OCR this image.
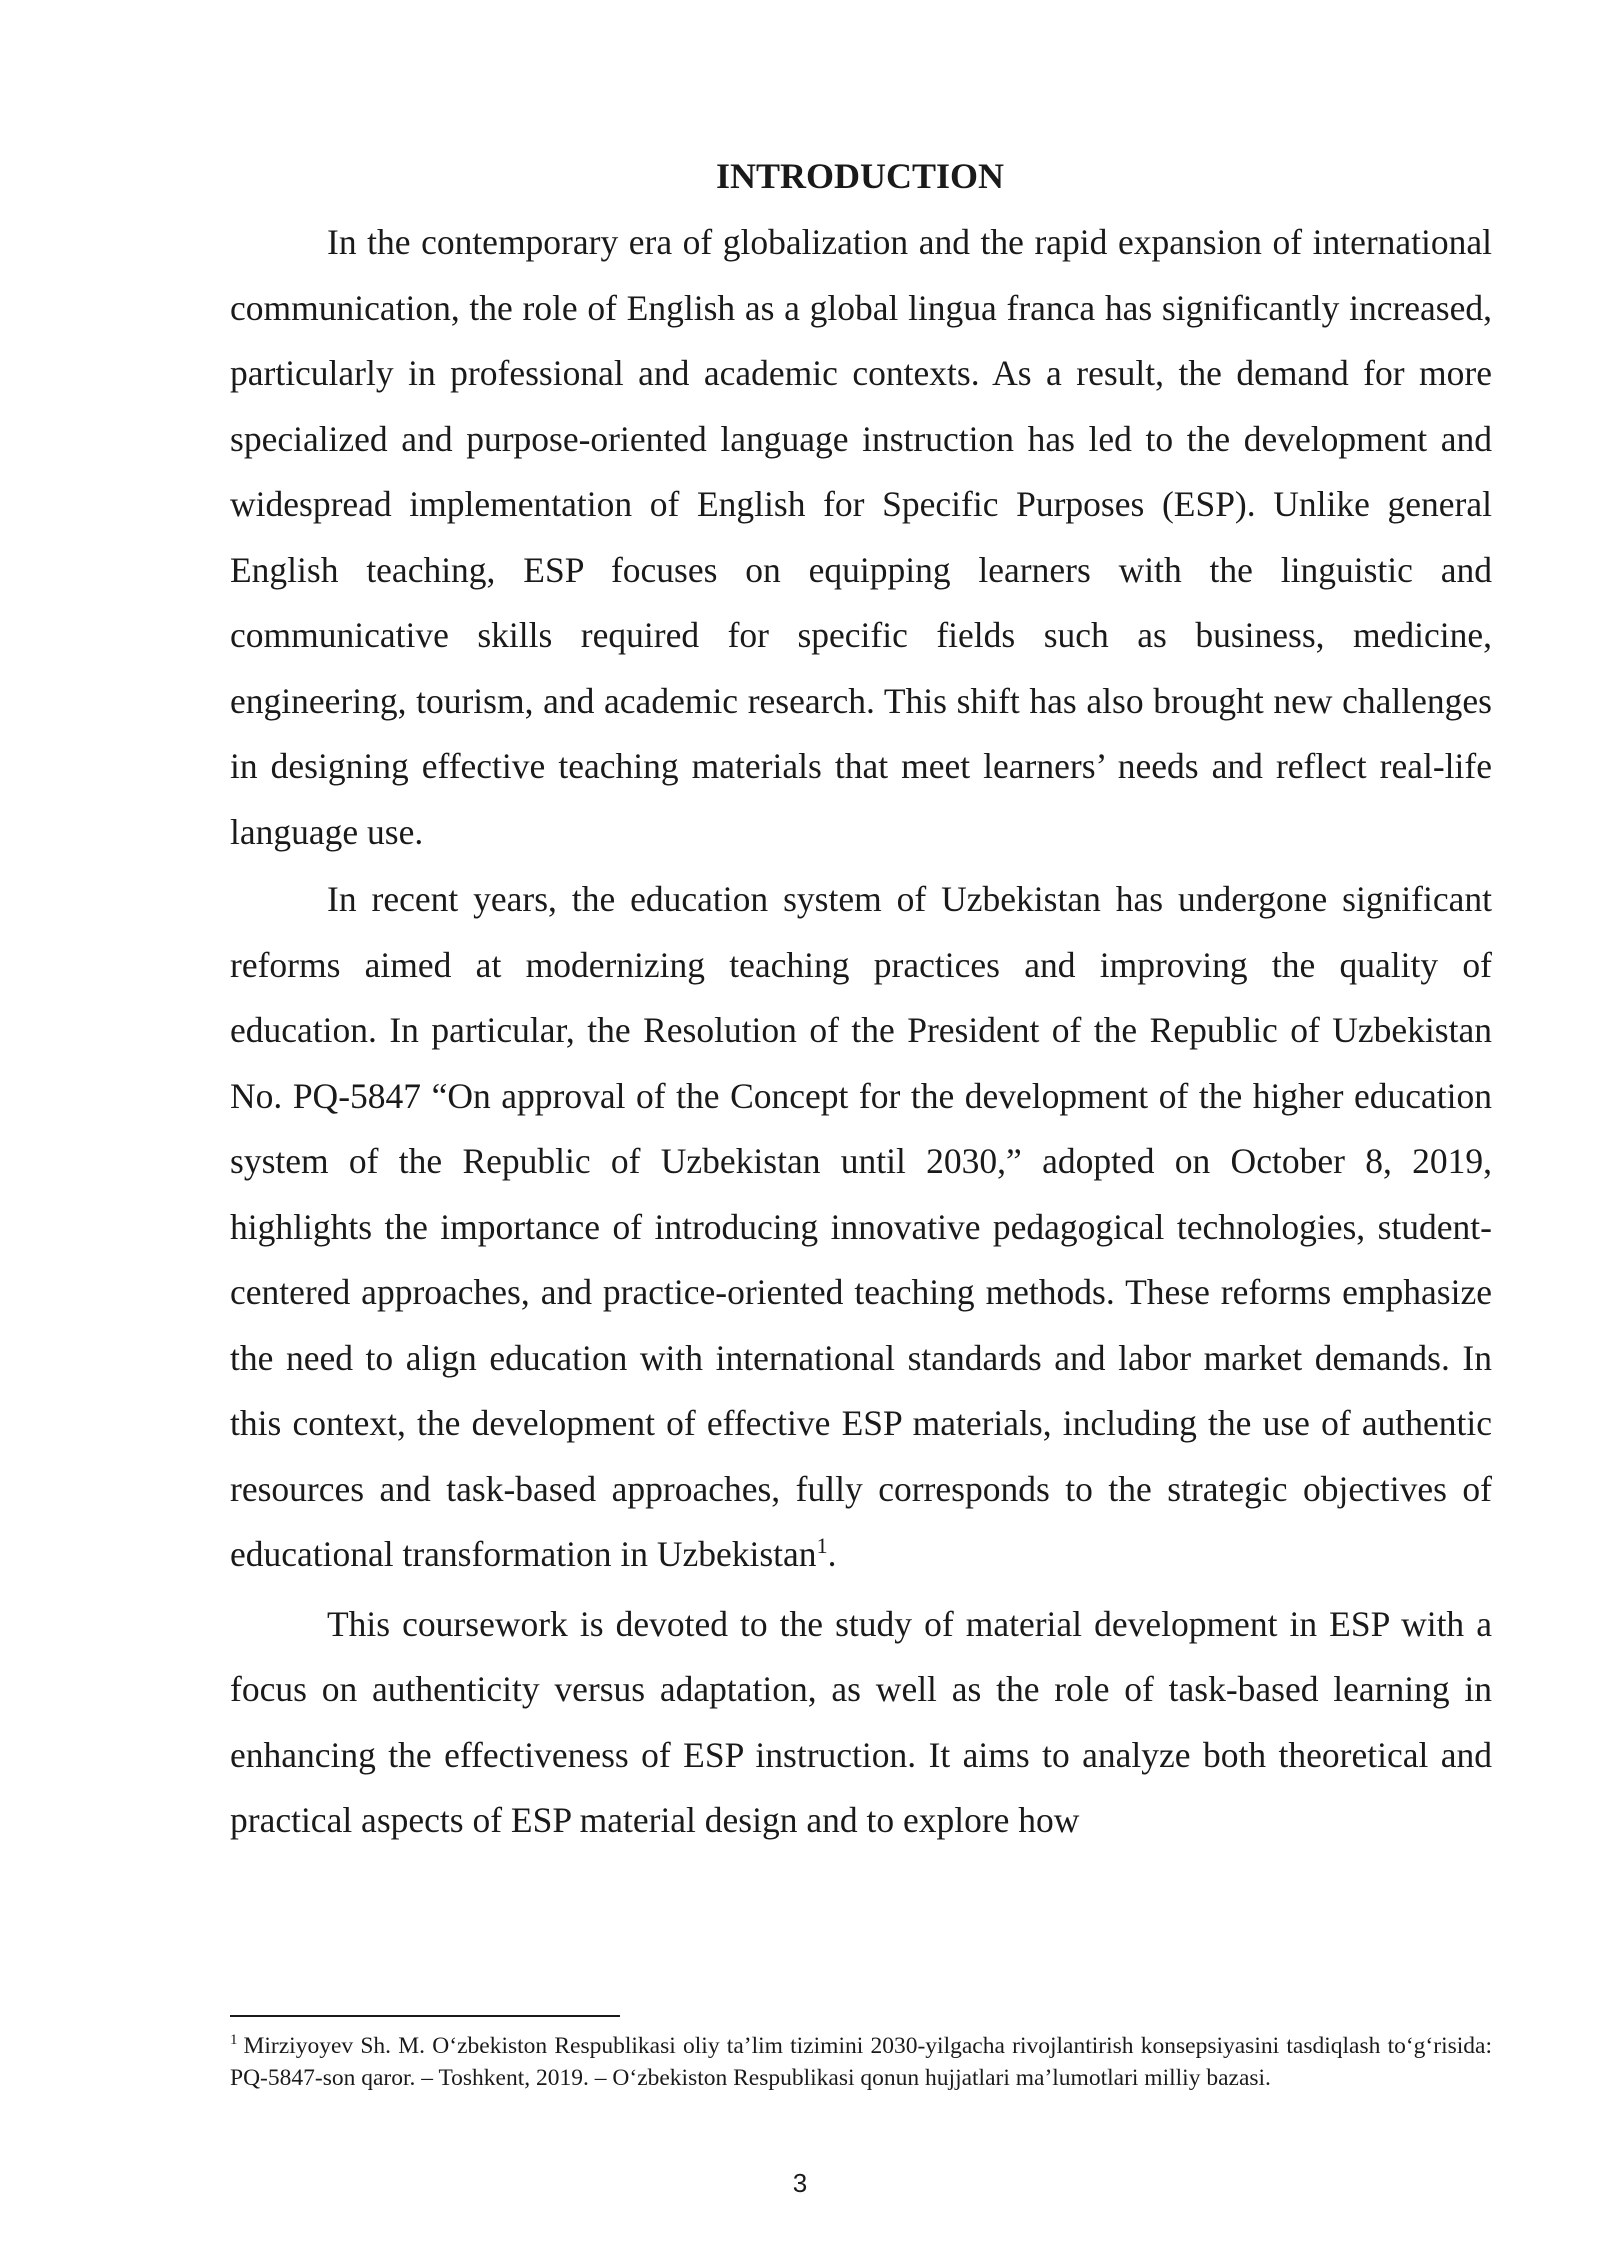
INTRODUCTION

In the contemporary era of globalization and the rapid expansion of international communication, the role of English as a global lingua franca has significantly increased, particularly in professional and academic contexts. As a result, the demand for more specialized and purpose-oriented language instruction has led to the development and widespread implementation of English for Specific Purposes (ESP). Unlike general English teaching, ESP focuses on equipping learners with the linguistic and communicative skills required for specific fields such as business, medicine, engineering, tourism, and academic research. This shift has also brought new challenges in designing effective teaching materials that meet learners’ needs and reflect real-life language use.

In recent years, the education system of Uzbekistan has undergone significant reforms aimed at modernizing teaching practices and improving the quality of education. In particular, the Resolution of the President of the Republic of Uzbekistan No. PQ-5847 “On approval of the Concept for the development of the higher education system of the Republic of Uzbekistan until 2030,” adopted on October 8, 2019, highlights the importance of introducing innovative pedagogical technologies, student-centered approaches, and practice-oriented teaching methods. These reforms emphasize the need to align education with international standards and labor market demands. In this context, the development of effective ESP materials, including the use of authentic resources and task-based approaches, fully corresponds to the strategic objectives of educational transformation in Uzbekistan$^1$.

This coursework is devoted to the study of material development in ESP with a focus on authenticity versus adaptation, as well as the role of task-based learning in enhancing the effectiveness of ESP instruction. It aims to analyze both theoretical and practical aspects of ESP material design and to explore how

$^1$ Mirziyoyev Sh. M. O‘zbekiston Respublikasi oliy ta’lim tizimini 2030-yilgacha rivojlantirish konsepsiyasini tasdiqlash to‘g‘risida: PQ-5847-son qaror. – Toshkent, 2019. – O‘zbekiston Respublikasi qonun hujjatlari ma’lumotlari milliy bazasi.

3
